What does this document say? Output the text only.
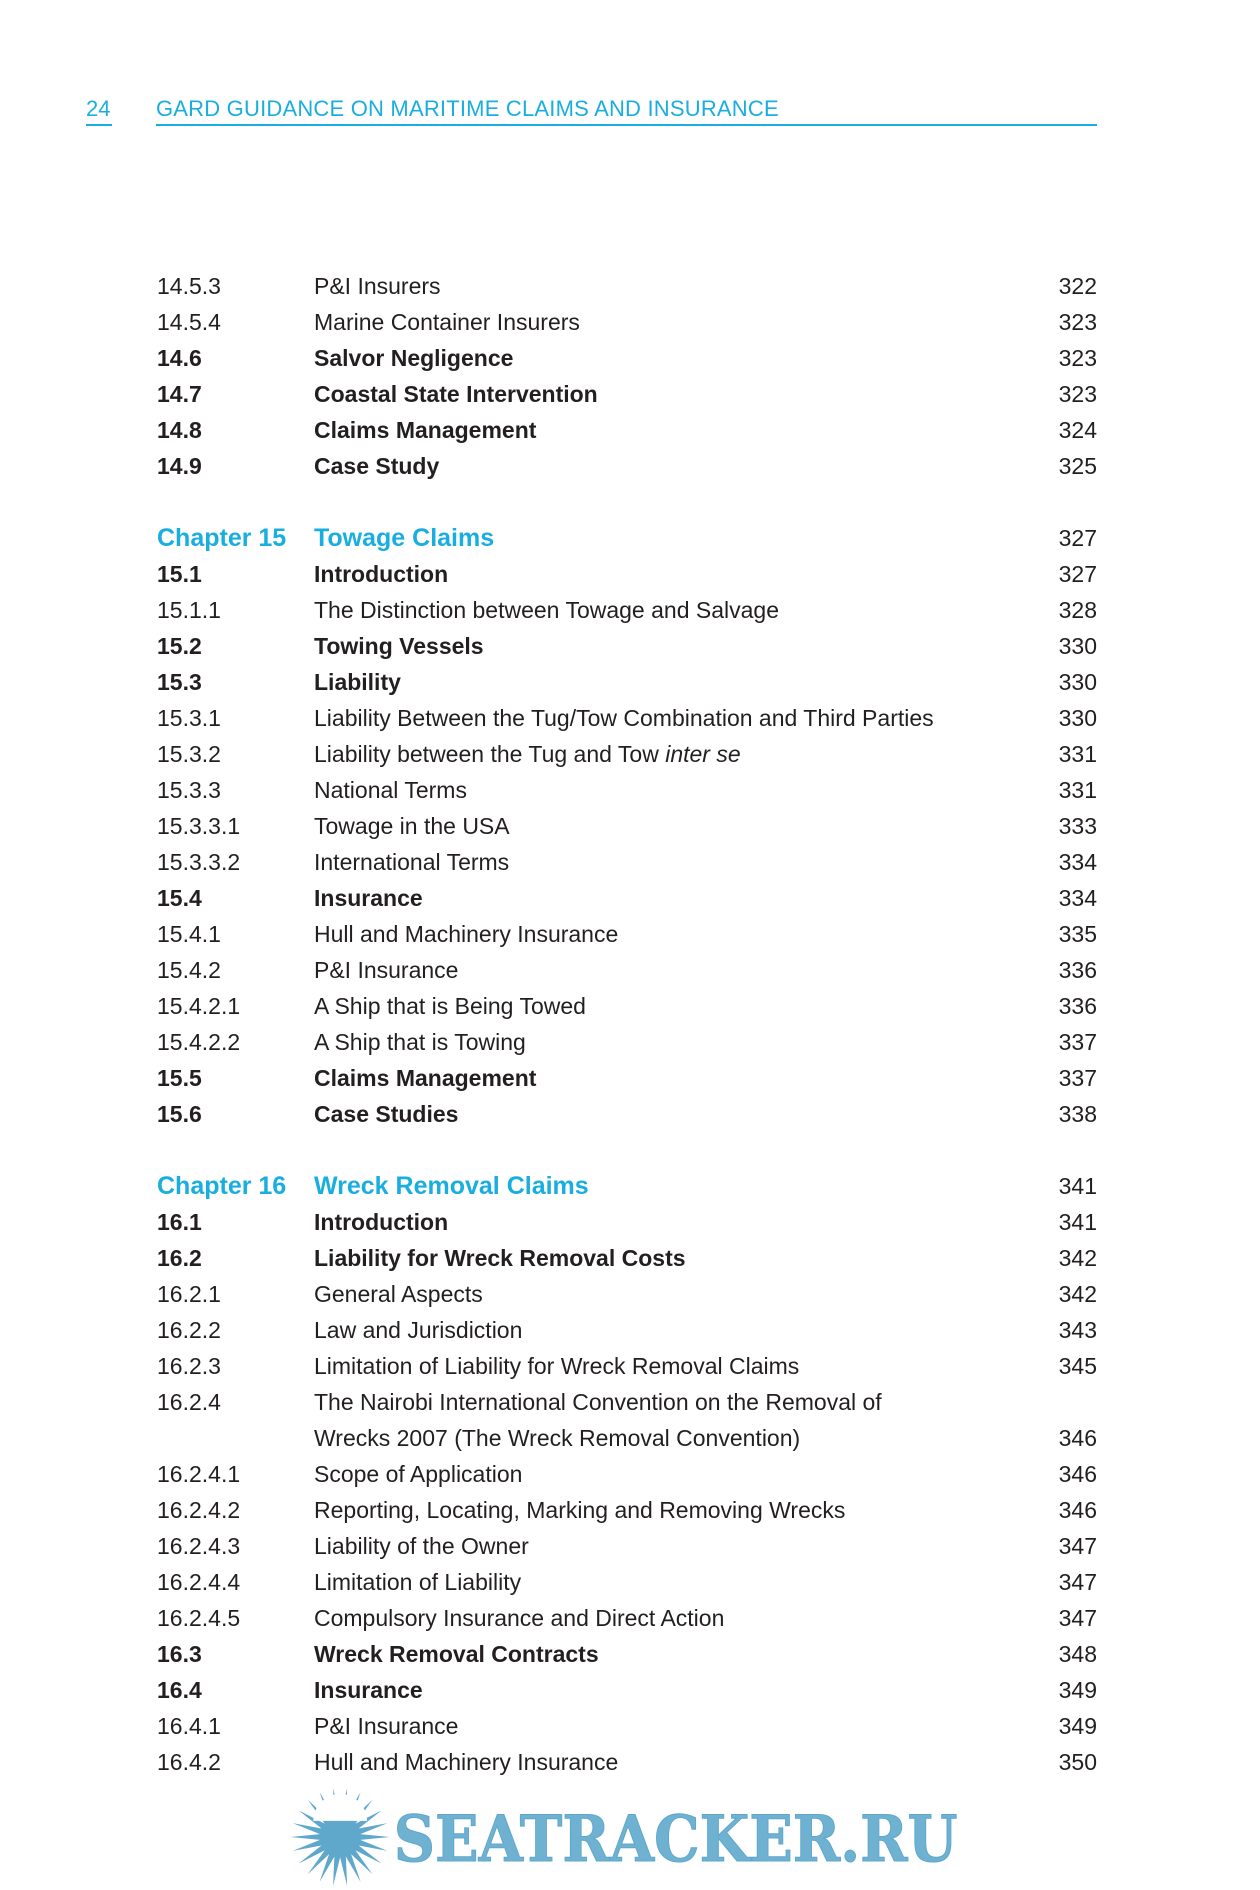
24 GARD GUIDANCE ON MARITIME CLAIMS AND INSURANCE
14.5.3	P&I Insurers	322
14.5.4	Marine Container Insurers	323
14.6	Salvor Negligence	323
14.7	Coastal State Intervention	323
14.8	Claims Management	324
14.9	Case Study	325
Chapter 15	Towage Claims	327
15.1	Introduction	327
15.1.1	The Distinction between Towage and Salvage	328
15.2	Towing Vessels	330
15.3	Liability	330
15.3.1	Liability Between the Tug/Tow Combination and Third Parties	330
15.3.2	Liability between the Tug and Tow inter se	331
15.3.3	National Terms	331
15.3.3.1	Towage in the USA	333
15.3.3.2	International Terms	334
15.4	Insurance	334
15.4.1	Hull and Machinery Insurance	335
15.4.2	P&I Insurance	336
15.4.2.1	A Ship that is Being Towed	336
15.4.2.2	A Ship that is Towing	337
15.5	Claims Management	337
15.6	Case Studies	338
Chapter 16	Wreck Removal Claims	341
16.1	Introduction	341
16.2	Liability for Wreck Removal Costs	342
16.2.1	General Aspects	342
16.2.2	Law and Jurisdiction	343
16.2.3	Limitation of Liability for Wreck Removal Claims	345
16.2.4	The Nairobi International Convention on the Removal of
Wrecks 2007 (The Wreck Removal Convention)	346
16.2.4.1	Scope of Application	346
16.2.4.2	Reporting, Locating, Marking and Removing Wrecks	346
16.2.4.3	Liability of the Owner	347
16.2.4.4	Limitation of Liability	347
16.2.4.5	Compulsory Insurance and Direct Action	347
16.3	Wreck Removal Contracts	348
16.4	Insurance	349
16.4.1	P&I Insurance	349
16.4.2	Hull and Machinery Insurance	350
SEATRACKER.RU
